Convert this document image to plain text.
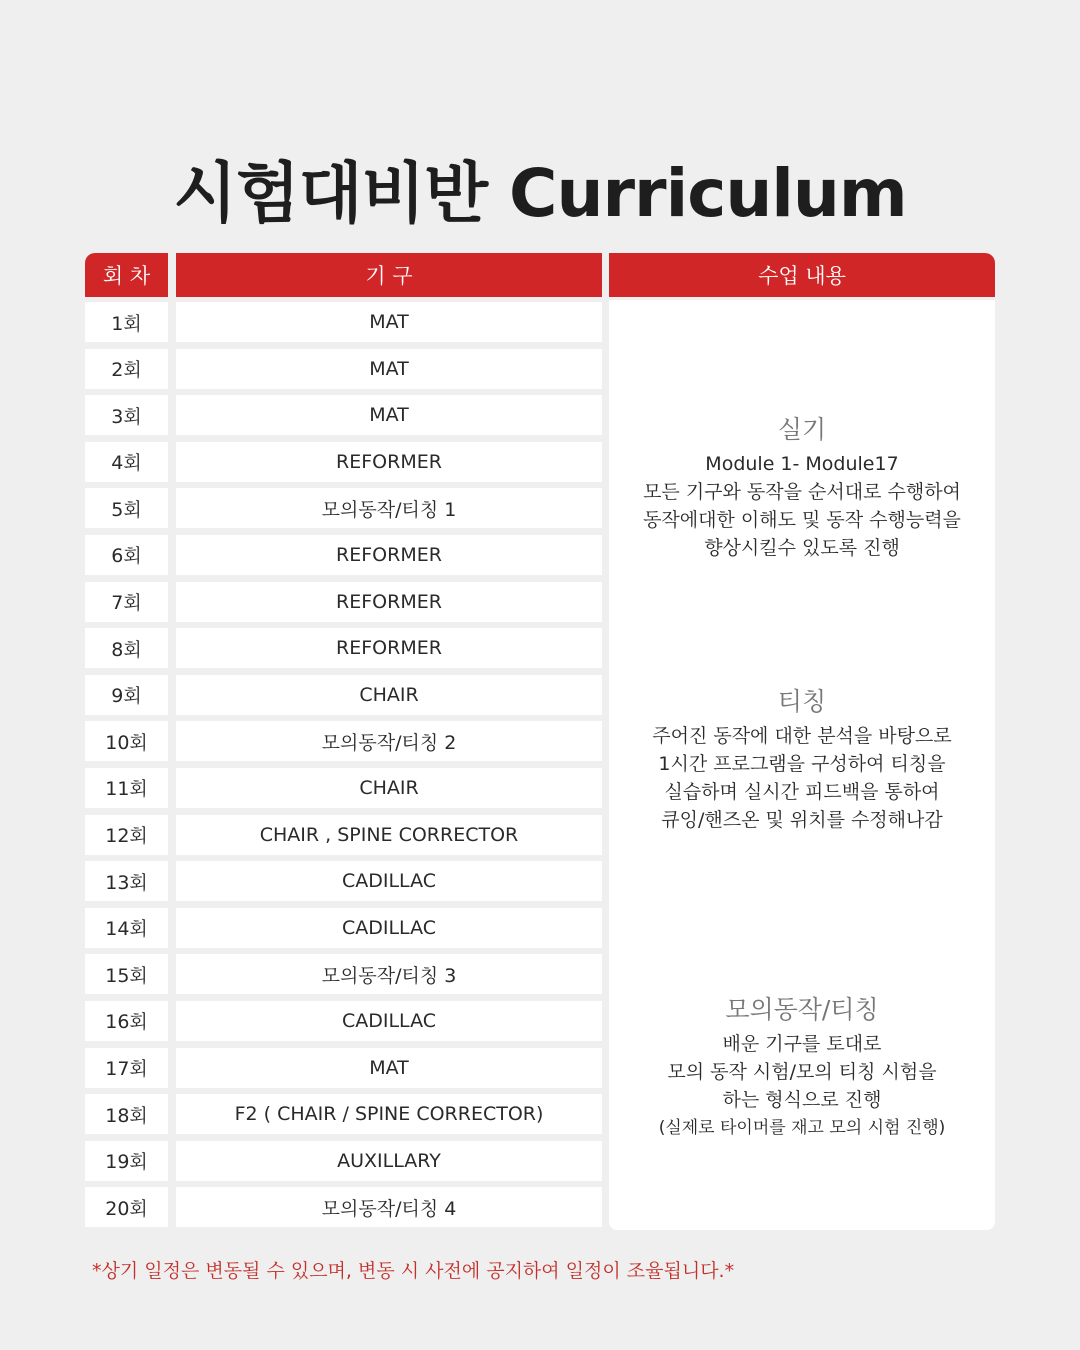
시험대비반 Curriculum
회 차	기 구	수업 내용
1회	MAT
2회	MAT
3회	MAT
4회	REFORMER
5회	모의동작/티칭 1
6회	REFORMER
7회	REFORMER
8회	REFORMER
9회	CHAIR
10회	모의동작/티칭 2
11회	CHAIR
12회	CHAIR , SPINE CORRECTOR
13회	CADILLAC
14회	CADILLAC
15회	모의동작/티칭 3
16회	CADILLAC
17회	MAT
18회	F2 ( CHAIR / SPINE CORRECTOR)
19회	AUXILLARY
20회	모의동작/티칭 4
실기
Module 1- Module17
모든 기구와 동작을 순서대로 수행하여
동작에대한 이해도 및 동작 수행능력을
향상시킬수 있도록 진행
티칭
주어진 동작에 대한 분석을 바탕으로
1시간 프로그램을 구성하여 티칭을
실습하며 실시간 피드백을 통하여
큐잉/핸즈온 및 위치를 수정해나감
모의동작/티칭
배운 기구를 토대로
모의 동작 시험/모의 티칭 시험을
하는 형식으로 진행
(실제로 타이머를 재고 모의 시험 진행)
*상기 일정은 변동될 수 있으며, 변동 시 사전에 공지하여 일정이 조율됩니다.*
